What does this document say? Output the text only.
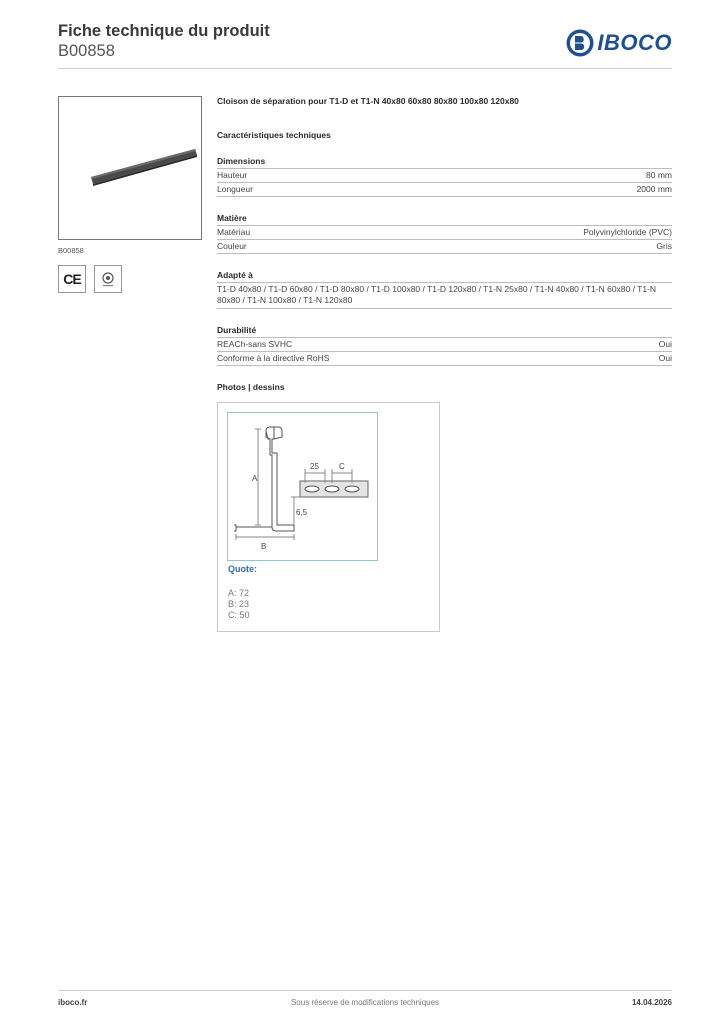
Fiche technique du produit
B00858	IBOCO
B00858
CE
Cloison de séparation pour T1-D et T1-N 40x80 60x80 80x80 100x80 120x80
Caractéristiques techniques
Dimensions
Hauteur	80 mm
Longueur	2000 mm
Matière
Matériau	Polyvinylchloride (PVC)
Couleur	Gris
Adapté à
T1-D 40x80 / T1-D 60x80 / T1-D 80x80 / T1-D 100x80 / T1-D 120x80 / T1-N 25x80 / T1-N 40x80 / T1-N 60x80 / T1-N 80x80 / T1-N 100x80 / T1-N 120x80
Durabilité
REACh-sans SVHC	Oui
Conforme à la directive RoHS	Oui
Photos | dessins
A
B
25	C
6,5
Quote:
A: 72
B: 23
C: 50
iboco.fr	Sous réserve de modifications techniques	14.04.2026
